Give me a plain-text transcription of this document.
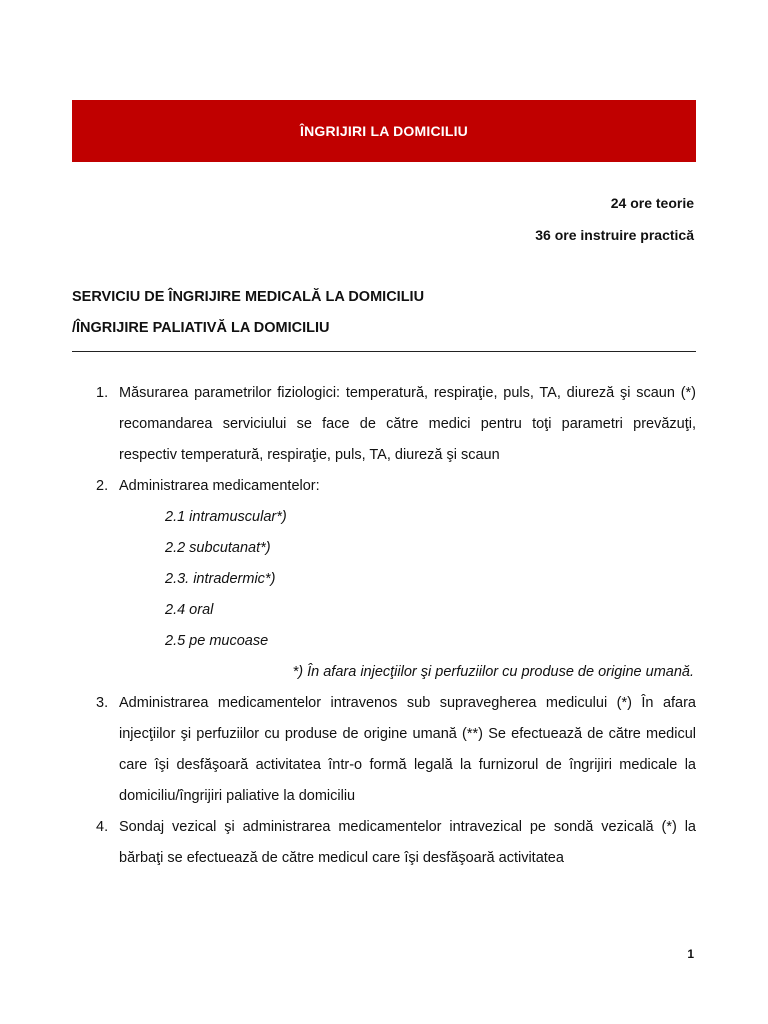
ÎNGRIJIRI LA DOMICILIU
24 ore teorie
36 ore instruire practică
SERVICIU DE ÎNGRIJIRE MEDICALĂ LA DOMICILIU
/ÎNGRIJIRE PALIATIVĂ LA DOMICILIU
1. Măsurarea parametrilor fiziologici: temperatură, respiraţie, puls, TA, diureză şi scaun (*) recomandarea serviciului se face de către medici pentru toţi parametri prevăzuţi, respectiv temperatură, respiraţie, puls, TA, diureză şi scaun
2. Administrarea medicamentelor:
2.1 intramuscular*)
2.2 subcutanat*)
2.3. intradermic*)
2.4 oral
2.5 pe mucoase
*) În afara injecţiilor şi perfuziilor cu produse de origine umană.
3. Administrarea medicamentelor intravenos sub supravegherea medicului (*) În afara injecţiilor şi perfuziilor cu produse de origine umană (**) Se efectuează de către medicul care îşi desfăşoară activitatea într-o formă legală la furnizorul de îngrijiri medicale la domiciliu/îngrijiri paliative la domiciliu
4. Sondaj vezical şi administrarea medicamentelor intravezical pe sondă vezicală (*) la bărbaţi se efectuează de către medicul care îşi desfăşoară activitatea
1
